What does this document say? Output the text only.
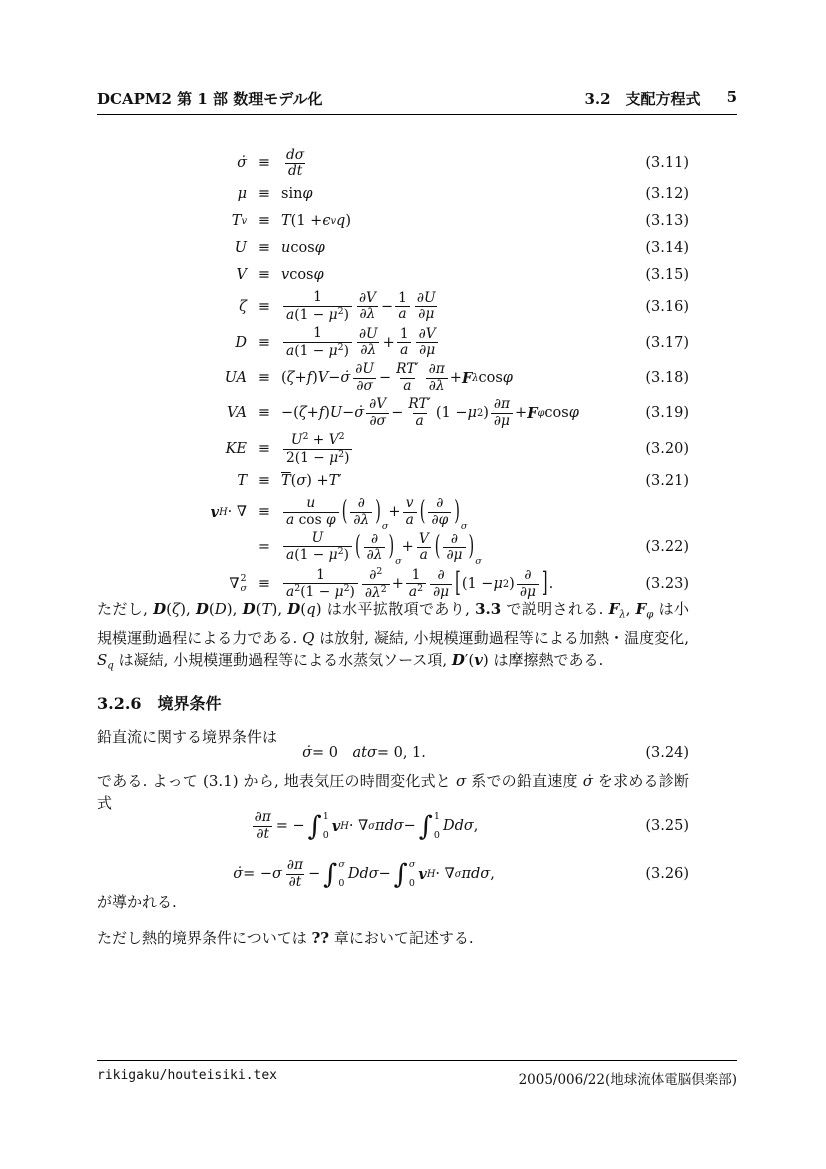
DCAPM2 第 1 部 数理モデル化	3.2　支配方程式 5
σ̇ ≡ $\frac{d\sigma}{dt}$	(3.11)
μ ≡ sin φ	(3.12)
T v ≡ T (1 + ϵ v q )	(3.13)
U ≡ u cos φ	(3.14)
V ≡ v cos φ	(3.15)
$\zeta \equiv \frac{1}{a(1 - \mu^2)} \frac{\partial V}{\partial\lambda} - \frac{1}{a} \frac{\partial U}{\partial\mu}$	(3.16)
$D \equiv \frac{1}{a(1 - \mu^2)} \frac{\partial U}{\partial\lambda} + \frac{1}{a} \frac{\partial V}{\partial\mu}$	(3.17)
UA ≡ ( ζ + f ) V − σ̇ $\frac{\partial U}{\partial\sigma} - \frac{RT'}{a} \frac{\partial\pi}{\partial\lambda} + F$ λ cos φ	(3.18)
VA ≡ −( ζ + f ) U − σ̇ $\frac{\partial V}{\partial\sigma} - \frac{RT'}{a} (1 - \mu$ 2 ) $\frac{\partial\pi}{\partial\mu} + F$ φ cos φ	(3.19)
KE ≡ $\frac{U^2 + V^2}{2(1 - \mu^2)}$	(3.20)
$T \equiv \overline{T}$ ( σ ) + T ′	(3.21)
v H · ∇ ≡ $\frac{u}{\text{a cos φ}}$ ( $\frac{\partial}{\partial\lambda}$ ) σ
+ $\frac{v}{a}$ ( $\frac{\partial}{\partial\varphi}$ ) σ
= $\frac{U}{a(1 - \mu^2)}$ ( $\frac{\partial}{\partial\lambda}$ ) σ
+ $\frac{V}{a}$ ( $\frac{\partial}{\partial\mu}$ ) σ
(3.22)
∇ 2
$\sigma \equiv \frac{1}{a^2(1 - \mu^2)} \frac{\partial^2}{\partial\lambda^2} + \frac{1}{a^2} \frac{\partial}{\partial\mu}$ [ (1 − μ 2 ) $\frac{\partial}{\partial\mu}$ ] .	(3.23)

ただし, D(ζ), D(D), D(T), D(q) は水平拡散項であり, 3.3 で説明される. $F_\lambda$, $F_\varphi$ は小規模運動過程による力である. Q は放射, 凝結, 小規模運動過程等による加熱・温度変化, $S_q$ は凝結, 小規模運動過程等による水蒸気ソース項, D′(v) は摩擦熱である.

3.2.6 境界条件

鉛直流に関する境界条件は

σ̇ = 0
　 at σ = 0, 1.	(3.24)

である. よって (3.1) から, 地表気圧の時間変化式と σ 系での鉛直速度 σ̇ を求める診断式

$\frac{\partial\pi}{\partial t}$ = − ∫ 1
0
v H · ∇ σ πdσ − ∫ 1
0
Ddσ ,	(3.25)
σ̇ = − σ $\frac{\partial\pi}{\partial t}$ − ∫ σ
0
Ddσ − ∫ σ
0
v H · ∇ σ πdσ ,	(3.26)

が導かれる.

ただし熱的境界条件については ?? 章において記述する.

rikigaku/houteisiki.tex	2005/006/22(地球流体電脳倶楽部)
